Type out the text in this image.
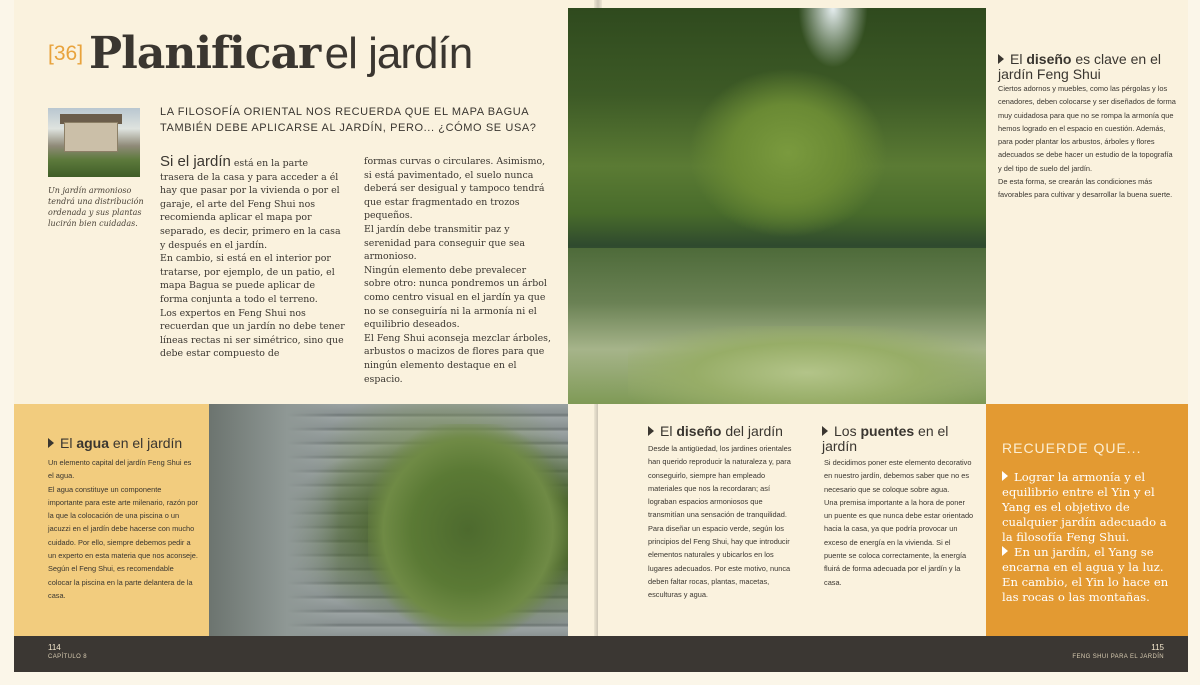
[36] Planificar el jardín
Un jardín armonioso tendrá una distribución ordenada y sus plantas lucirán bien cuidadas.
LA FILOSOFÍA ORIENTAL NOS RECUERDA QUE EL MAPA BAGUA TAMBIÉN DEBE APLICARSE AL JARDÍN, PERO... ¿CÓMO SE USA?

Si el jardín está en la parte trasera de la casa y para acceder a él hay que pasar por la vivienda o por el garaje, el arte del Feng Shui nos recomienda aplicar el mapa por separado, es decir, primero en la casa y después en el jardín.

En cambio, si está en el interior por tratarse, por ejemplo, de un patio, el mapa Bagua se puede aplicar de forma conjunta a todo el terreno.

Los expertos en Feng Shui nos recuerdan que un jardín no debe tener líneas rectas ni ser simétrico, sino que debe estar compuesto de

formas curvas o circulares. Asimismo, si está pavimentado, el suelo nunca deberá ser desigual y tampoco tendrá que estar fragmentado en trozos pequeños.

El jardín debe transmitir paz y serenidad para conseguir que sea armonioso.

Ningún elemento debe prevalecer sobre otro: nunca pondremos un árbol como centro visual en el jardín ya que no se conseguiría ni la armonía ni el equilibrio deseados.

El Feng Shui aconseja mezclar árboles, arbustos o macizos de flores para que ningún elemento destaque en el espacio.

El agua en el jardín

Un elemento capital del jardín Feng Shui es el agua.

El agua constituye un componente importante para este arte milenario, razón por la que la colocación de una piscina o un jacuzzi en el jardín debe hacerse con mucho cuidado. Por ello, siempre debemos pedir a un experto en esta materia que nos aconseje.

Según el Feng Shui, es recomendable colocar la piscina en la parte delantera de la casa.

El diseño es clave en el jardín Feng Shui

Ciertos adornos y muebles, como las pérgolas y los cenadores, deben colocarse y ser diseñados de forma muy cuidadosa para que no se rompa la armonía que hemos logrado en el espacio en cuestión. Además, para poder plantar los arbustos, árboles y flores adecuados se debe hacer un estudio de la topografía y del tipo de suelo del jardín.

De esta forma, se crearán las condiciones más favorables para cultivar y desarrollar la buena suerte.

El diseño del jardín

Desde la antigüedad, los jardines orientales han querido reproducir la naturaleza y, para conseguirlo, siempre han empleado materiales que nos la recordaran; así lograban espacios armoniosos que transmitían una sensación de tranquilidad.

Para diseñar un espacio verde, según los principios del Feng Shui, hay que introducir elementos naturales y ubicarlos en los lugares adecuados. Por este motivo, nunca deben faltar rocas, plantas, macetas, esculturas y agua.

Los puentes en el jardín

Si decidimos poner este elemento decorativo en nuestro jardín, debemos saber que no es necesario que se coloque sobre agua.

Una premisa importante a la hora de poner un puente es que nunca debe estar orientado hacia la casa, ya que podría provocar un exceso de energía en la vivienda. Si el puente se coloca correctamente, la energía fluirá de forma adecuada por el jardín y la casa.

RECUERDE QUE...

Lograr la armonía y el equilibrio entre el Yin y el Yang es el objetivo de cualquier jardín adecuado a la filosofía Feng Shui.

En un jardín, el Yang se encarna en el agua y la luz. En cambio, el Yin lo hace en las rocas o las montañas.

114
CAPÍTULO 8
115
FENG SHUI PARA EL JARDÍN
